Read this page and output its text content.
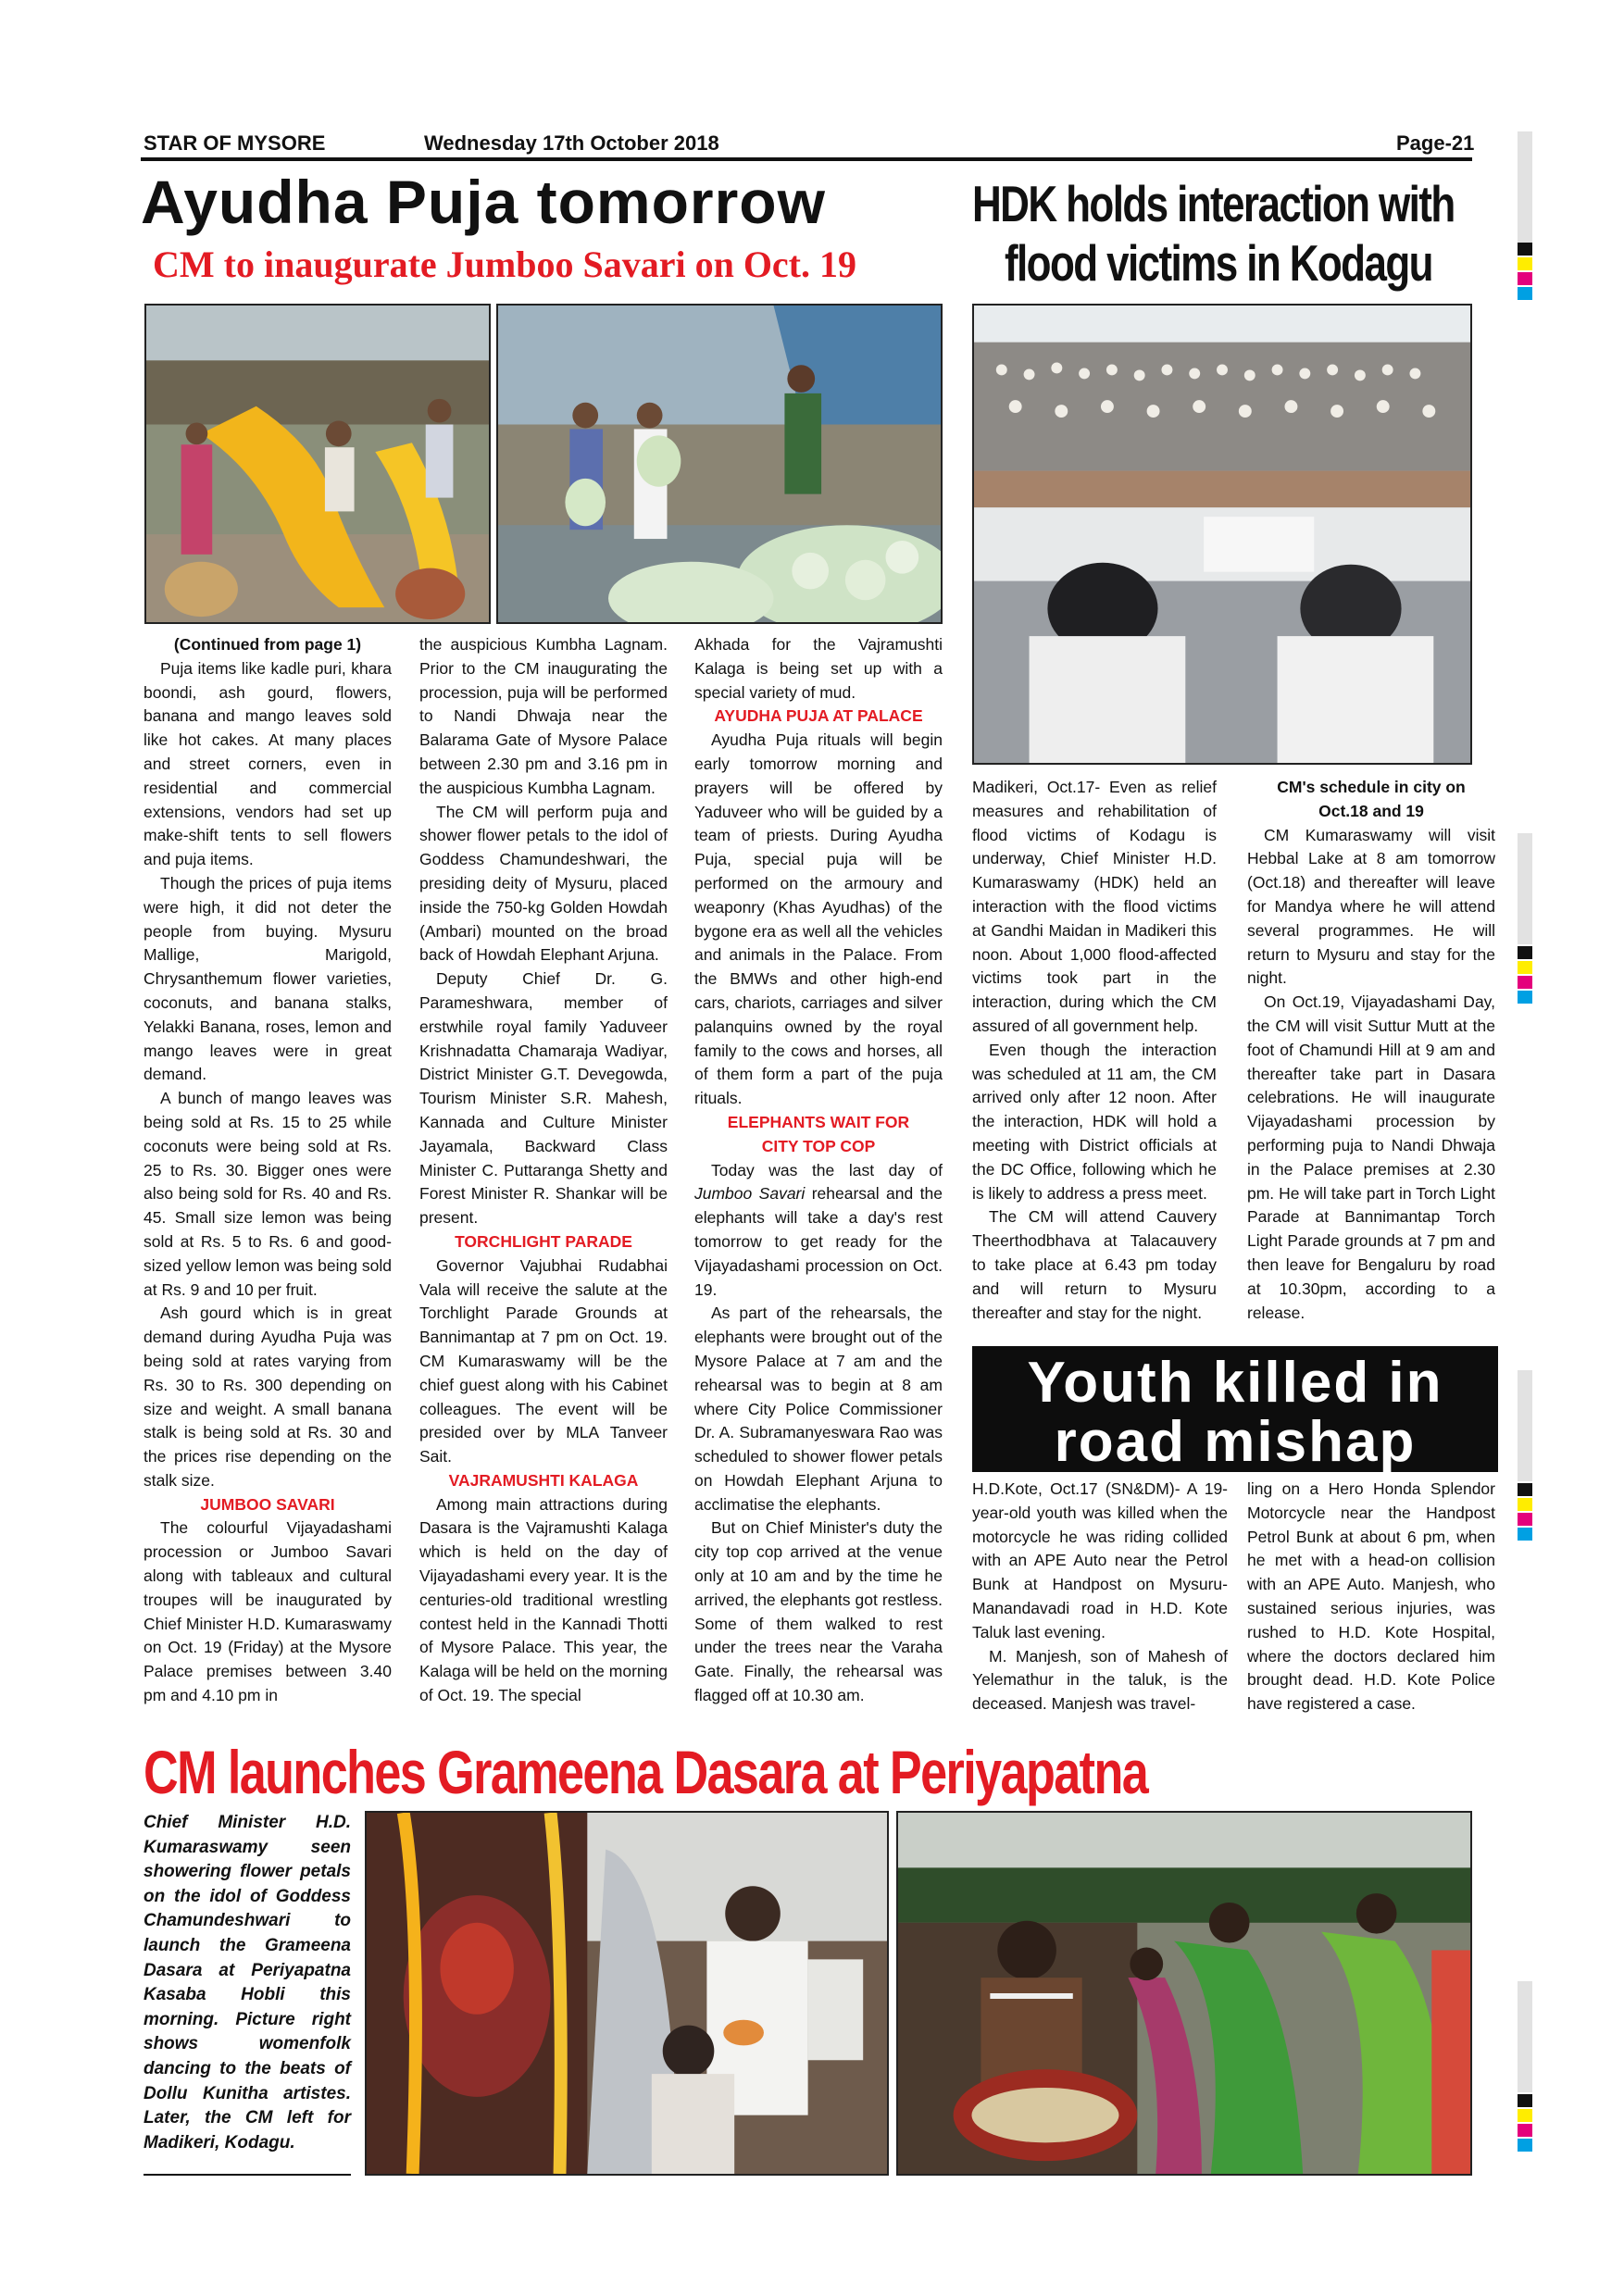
STAR OF MYSORE	Wednesday 17th October 2018	Page-21
Ayudha Puja tomorrow
CM to inaugurate Jumboo Savari on Oct. 19
HDK holds interaction with
flood victims in Kodagu

(Continued from page 1)

Puja items like kadle puri, khara boondi, ash gourd, flowers, banana and mango leaves sold like hot cakes. At many places and street corners, even in residential and commercial extensions, vendors had set up make-shift tents to sell flowers and puja items.

Though the prices of puja items were high, it did not deter the people from buying. Mysuru Mallige, Marigold, Chrysanthemum flower varieties, coconuts, and banana stalks, Yelakki Banana, roses, lemon and mango leaves were in great demand.

A bunch of mango leaves was being sold at Rs. 15 to 25 while coconuts were being sold at Rs. 25 to Rs. 30. Bigger ones were also being sold for Rs. 40 and Rs. 45. Small size lemon was being sold at Rs. 5 to Rs. 6 and good-sized yellow lemon was being sold at Rs. 9 and 10 per fruit.

Ash gourd which is in great demand during Ayudha Puja was being sold at rates varying from Rs. 30 to Rs. 300 depending on size and weight. A small banana stalk is being sold at Rs. 30 and the prices rise depending on the stalk size.

JUMBOO SAVARI

The colourful Vijayadashami procession or Jumboo Savari along with tableaux and cultural troupes will be inaugurated by Chief Minister H.D. Kumaraswamy on Oct. 19 (Friday) at the Mysore Palace premises between 3.40 pm and 4.10 pm in

the auspicious Kumbha Lagnam. Prior to the CM inaugurating the procession, puja will be performed to Nandi Dhwaja near the Balarama Gate of Mysore Palace between 2.30 pm and 3.16 pm in the auspicious Kumbha Lagnam.

The CM will perform puja and shower flower petals to the idol of Goddess Chamundeshwari, the presiding deity of Mysuru, placed inside the 750-kg Golden Howdah (Ambari) mounted on the broad back of Howdah Elephant Arjuna.

Deputy Chief Dr. G. Parameshwara, member of erstwhile royal family Yaduveer Krishnadatta Chamaraja Wadiyar, District Minister G.T. Devegowda, Tourism Minister S.R. Mahesh, Kannada and Culture Minister Jayamala, Backward Class Minister C. Puttaranga Shetty and Forest Minister R. Shankar will be present.

TORCHLIGHT PARADE

Governor Vajubhai Rudabhai Vala will receive the salute at the Torchlight Parade Grounds at Bannimantap at 7 pm on Oct. 19. CM Kumaraswamy will be the chief guest along with his Cabinet colleagues. The event will be presided over by MLA Tanveer Sait.

VAJRAMUSHTI KALAGA

Among main attractions during Dasara is the Vajramushti Kalaga which is held on the day of Vijayadashami every year. It is the centuries-old traditional wrestling contest held in the Kannadi Thotti of Mysore Palace. This year, the Kalaga will be held on the morning of Oct. 19. The special

Akhada for the Vajramushti Kalaga is being set up with a special variety of mud.

AYUDHA PUJA AT PALACE

Ayudha Puja rituals will begin early tomorrow morning and prayers will be offered by Yaduveer who will be guided by a team of priests. During Ayudha Puja, special puja will be performed on the armoury and weaponry (Khas Ayudhas) of the bygone era as well all the vehicles and animals in the Palace. From the BMWs and other high-end cars, chariots, carriages and silver palanquins owned by the royal family to the cows and horses, all of them form a part of the puja rituals.

ELEPHANTS WAIT FOR

CITY TOP COP

Today was the last day of Jumboo Savari rehearsal and the elephants will take a day's rest tomorrow to get ready for the Vijayadashami procession on Oct. 19.

As part of the rehearsals, the elephants were brought out of the Mysore Palace at 7 am and the rehearsal was to begin at 8 am where City Police Commissioner Dr. A. Subramanyeswara Rao was scheduled to shower flower petals on Howdah Elephant Arjuna to acclimatise the elephants.

But on Chief Minister's duty the city top cop arrived at the venue only at 10 am and by the time he arrived, the elephants got restless. Some of them walked to rest under the trees near the Varaha Gate. Finally, the rehearsal was flagged off at 10.30 am.

Madikeri, Oct.17- Even as relief measures and rehabilitation of flood victims of Kodagu is underway, Chief Minister H.D. Kumaraswamy (HDK) held an interaction with the flood victims at Gandhi Maidan in Madikeri this noon. About 1,000 flood-affected victims took part in the interaction, during which the CM assured of all government help.

Even though the interaction was scheduled at 11 am, the CM arrived only after 12 noon. After the interaction, HDK will hold a meeting with District officials at the DC Office, following which he is likely to address a press meet.

The CM will attend Cauvery Theerthodbhava at Talacauvery to take place at 6.43 pm today and will return to Mysuru thereafter and stay for the night.

CM's schedule in city on

Oct.18 and 19

CM Kumaraswamy will visit Hebbal Lake at 8 am tomorrow (Oct.18) and thereafter will leave for Mandya where he will attend several programmes. He will return to Mysuru and stay for the night.

On Oct.19, Vijayadashami Day, the CM will visit Suttur Mutt at the foot of Chamundi Hill at 9 am and thereafter take part in Dasara celebrations. He will inaugurate Vijayadashami procession by performing puja to Nandi Dhwaja in the Palace premises at 2.30 pm. He will take part in Torch Light Parade at Bannimantap Torch Light Parade grounds at 7 pm and then leave for Bengaluru by road at 10.30pm, according to a release.

Youth killed in
road mishap

H.D.Kote, Oct.17 (SN&DM)- A 19-year-old youth was killed when the motorcycle he was riding collided with an APE Auto near the Petrol Bunk at Handpost on Mysuru-Manandavadi road in H.D. Kote Taluk last evening.

M. Manjesh, son of Mahesh of Yelemathur in the taluk, is the deceased. Manjesh was travel-

ling on a Hero Honda Splendor Motorcycle near the Handpost Petrol Bunk at about 6 pm, when he met with a head-on collision with an APE Auto. Manjesh, who sustained serious injuries, was rushed to H.D. Kote Hospital, where the doctors declared him brought dead. H.D. Kote Police have registered a case.

CM launches Grameena Dasara at Periyapatna
Chief Minister H.D. Kumaraswamy seen showering flower petals on the idol of Goddess Chamundeshwari to launch the Grameena Dasara at Periyapatna Kasaba Hobli this morning. Picture right shows womenfolk dancing to the beats of Dollu Kunitha artistes. Later, the CM left for Madikeri, Kodagu.
